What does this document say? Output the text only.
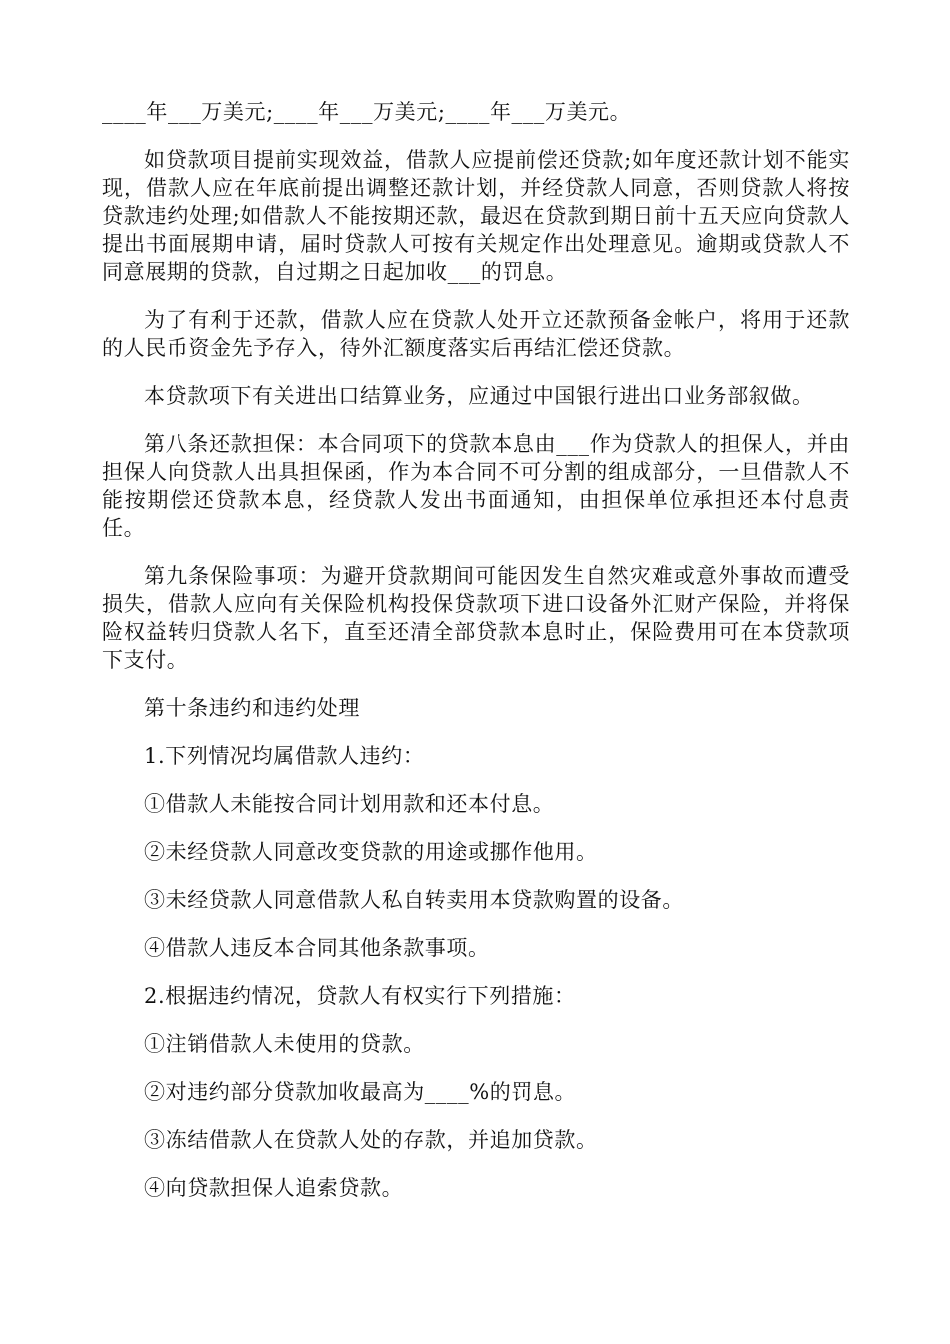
____年___万美元;____年___万美元;____年___万美元。

如贷款项目提前实现效益，借款人应提前偿还贷款;如年度还款计划不能实现，借款人应在年底前提出调整还款计划，并经贷款人同意，否则贷款人将按贷款违约处理;如借款人不能按期还款，最迟在贷款到期日前十五天应向贷款人提出书面展期申请，届时贷款人可按有关规定作出处理意见。逾期或贷款人不同意展期的贷款，自过期之日起加收___的罚息。

为了有利于还款，借款人应在贷款人处开立还款预备金帐户，将用于还款的人民币资金先予存入，待外汇额度落实后再结汇偿还贷款。

本贷款项下有关进出口结算业务，应通过中国银行进出口业务部叙做。

第八条还款担保：本合同项下的贷款本息由___作为贷款人的担保人，并由担保人向贷款人出具担保函，作为本合同不可分割的组成部分，一旦借款人不能按期偿还贷款本息，经贷款人发出书面通知，由担保单位承担还本付息责任。

第九条保险事项：为避开贷款期间可能因发生自然灾难或意外事故而遭受损失，借款人应向有关保险机构投保贷款项下进口设备外汇财产保险，并将保险权益转归贷款人名下，直至还清全部贷款本息时止，保险费用可在本贷款项下支付。

第十条违约和违约处理

1.下列情况均属借款人违约：

①借款人未能按合同计划用款和还本付息。

②未经贷款人同意改变贷款的用途或挪作他用。

③未经贷款人同意借款人私自转卖用本贷款购置的设备。

④借款人违反本合同其他条款事项。

2.根据违约情况，贷款人有权实行下列措施：

①注销借款人未使用的贷款。

②对违约部分贷款加收最高为____%的罚息。

③冻结借款人在贷款人处的存款，并追加贷款。

④向贷款担保人追索贷款。
